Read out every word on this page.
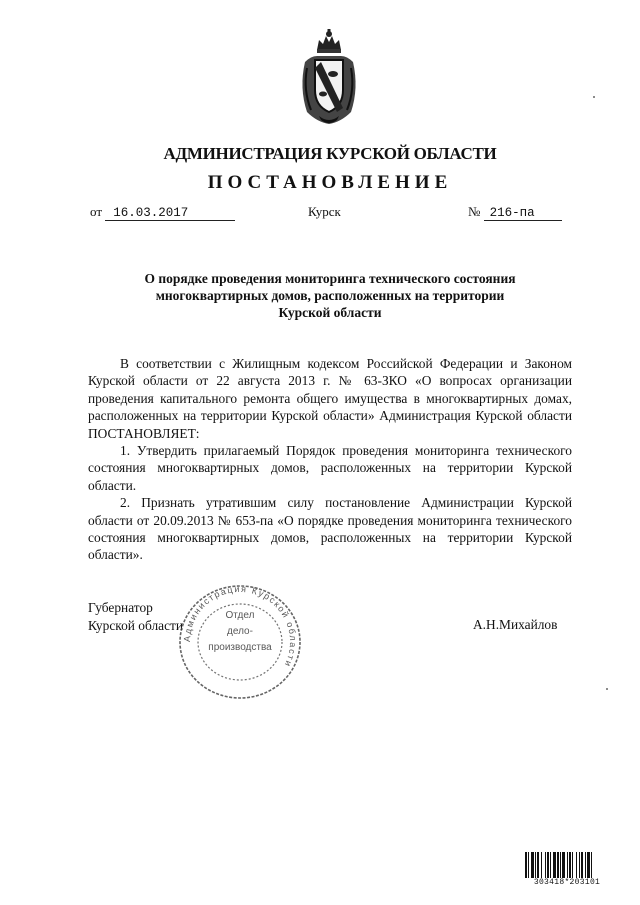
АДМИНИСТРАЦИЯ КУРСКОЙ ОБЛАСТИ
ПОСТАНОВЛЕНИЕ
от 16.03.2017	Курск	№ 216-па
О порядке проведения мониторинга технического состояния
многоквартирных домов, расположенных на территории
Курской области

В соответствии с Жилищным кодексом Российской Федерации и Законом Курской области от 22 августа 2013 г. № 63-ЗКО «О вопросах организации проведения капитального ремонта общего имущества в многоквартирных домах, расположенных на территории Курской области» Администрация Курской области ПОСТАНОВЛЯЕТ:

1. Утвердить прилагаемый Порядок проведения мониторинга технического состояния многоквартирных домов, расположенных на территории Курской области.

2. Признать утратившим силу постановление Администрации Курской области от 20.09.2013 № 653-па «О порядке проведения мониторинга технического состояния многоквартирных домов, расположенных на территории Курской области».

Губернатор
Курской области	А.Н.Михайлов
Администрация Курской области
Отдел
дело-
производства
303418*203101
